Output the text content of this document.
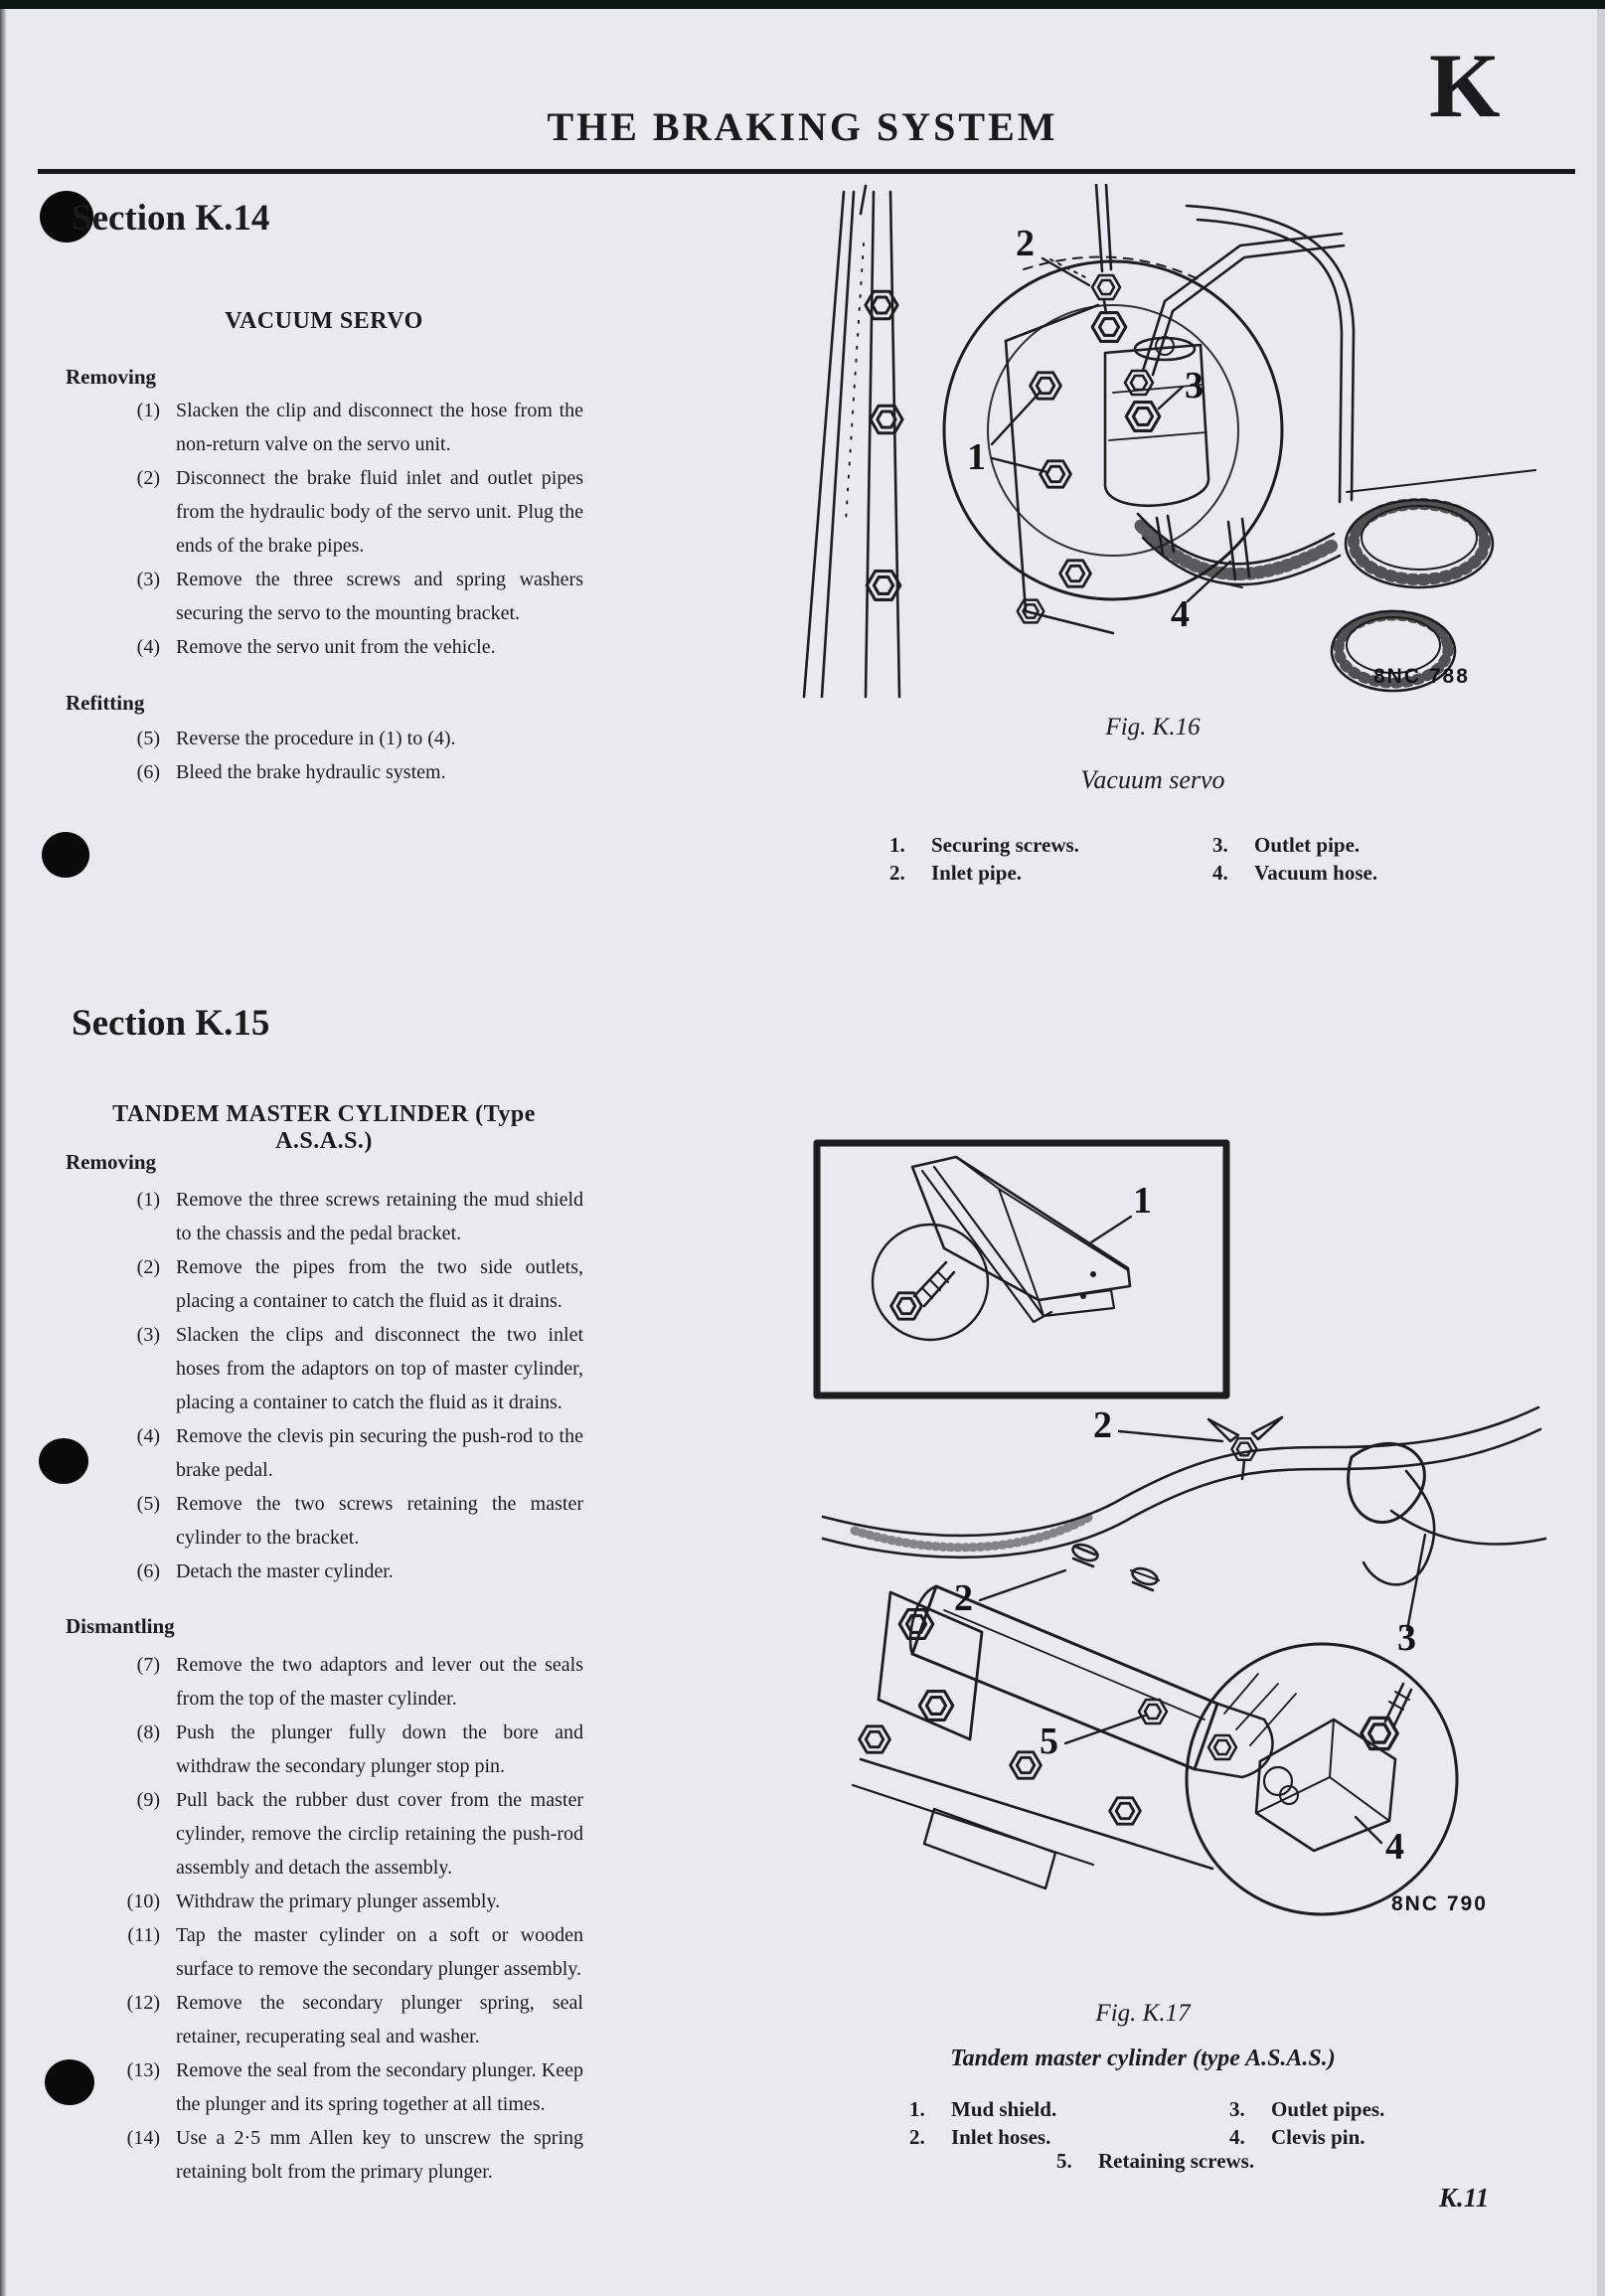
THE BRAKING SYSTEM	K
Section K.14
VACUUM SERVO
Removing
(1) Slacken the clip and disconnect the hose from the non-return valve on the servo unit.
(2) Disconnect the brake fluid inlet and outlet pipes from the hydraulic body of the servo unit. Plug the ends of the brake pipes.
(3) Remove the three screws and spring washers securing the servo to the mounting bracket.
(4) Remove the servo unit from the vehicle.
Refitting
(5) Reverse the procedure in (1) to (4).
(6) Bleed the brake hydraulic system.
2
3
1
4
8NC 788
Fig. K.16
Vacuum servo
1.	Securing screws.
2.	Inlet pipe.
3.	Outlet pipe.
4.	Vacuum hose.
Section K.15
TANDEM MASTER CYLINDER (Type A.S.A.S.)
Removing
(1) Remove the three screws retaining the mud shield to the chassis and the pedal bracket.
(2) Remove the pipes from the two side outlets, placing a container to catch the fluid as it drains.
(3) Slacken the clips and disconnect the two inlet hoses from the adaptors on top of master cylinder, placing a container to catch the fluid as it drains.
(4) Remove the clevis pin securing the push-rod to the brake pedal.
(5) Remove the two screws retaining the master cylinder to the bracket.
(6) Detach the master cylinder.
Dismantling
(7) Remove the two adaptors and lever out the seals from the top of the master cylinder.
(8) Push the plunger fully down the bore and withdraw the secondary plunger stop pin.
(9) Pull back the rubber dust cover from the master cylinder, remove the circlip retaining the push-rod assembly and detach the assembly.
(10) Withdraw the primary plunger assembly.
(11) Tap the master cylinder on a soft or wooden surface to remove the secondary plunger assembly.
(12) Remove the secondary plunger spring, seal retainer, recuperating seal and washer.
(13) Remove the seal from the secondary plunger. Keep the plunger and its spring together at all times.
(14) Use a 2·5 mm Allen key to unscrew the spring retaining bolt from the primary plunger.
1
2
2
3
5
4
8NC 790
Fig. K.17
Tandem master cylinder (type A.S.A.S.)
1.	Mud shield.
2.	Inlet hoses.
3.	Outlet pipes.
4.	Clevis pin.
5.	Retaining screws.
K.11
